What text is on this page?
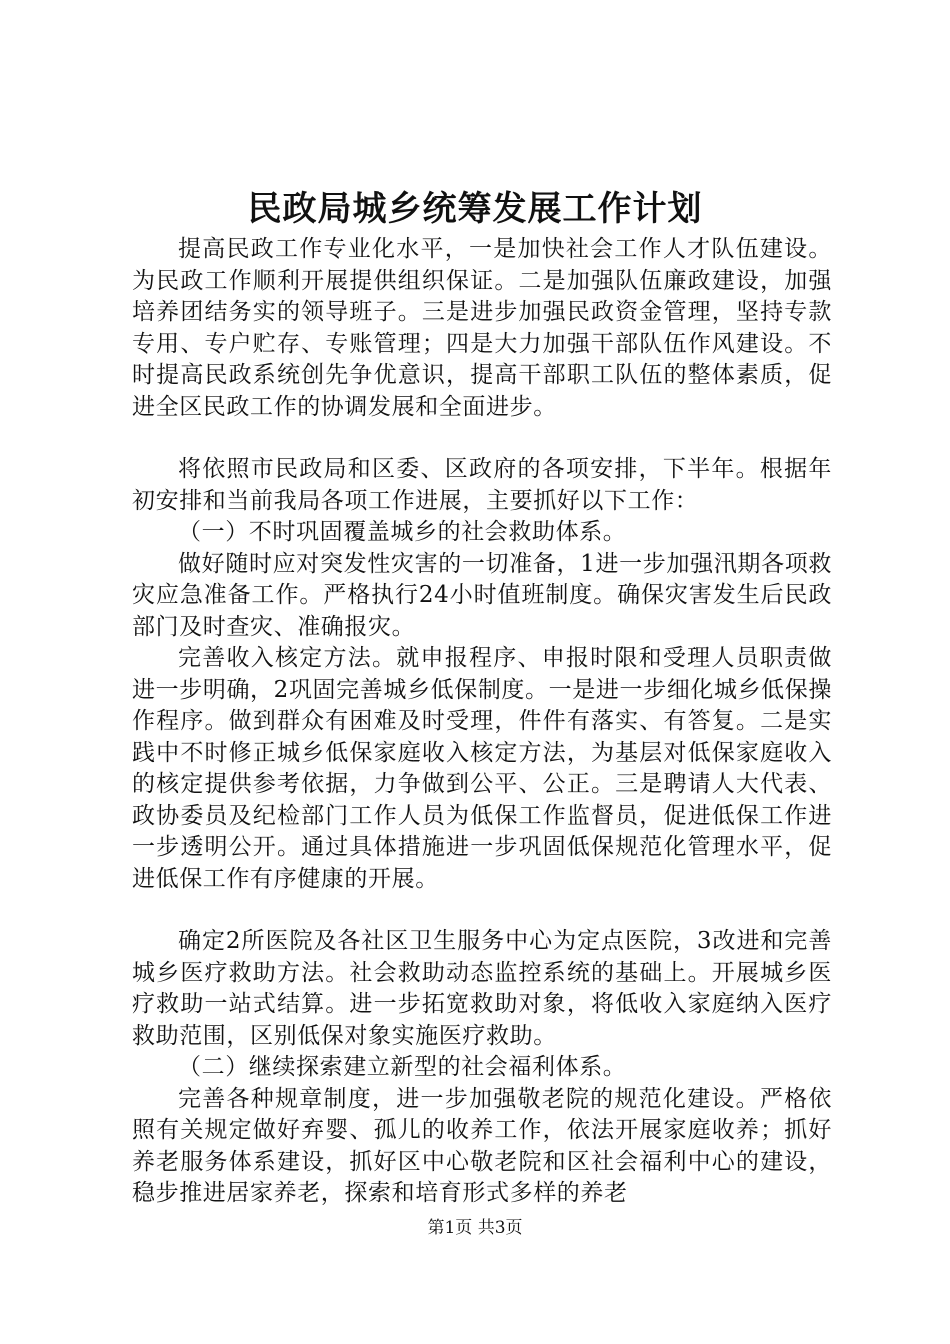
民政局城乡统筹发展工作计划

提高民政工作专业化水平，一是加快社会工作人才队伍建设。为民政工作顺利开展提供组织保证。二是加强队伍廉政建设，加强培养团结务实的领导班子。三是进步加强民政资金管理，坚持专款专用、专户贮存、专账管理；四是大力加强干部队伍作风建设。不时提高民政系统创先争优意识，提高干部职工队伍的整体素质，促进全区民政工作的协调发展和全面进步。

将依照市民政局和区委、区政府的各项安排，下半年。根据年初安排和当前我局各项工作进展，主要抓好以下工作：

（一）不时巩固覆盖城乡的社会救助体系。

做好随时应对突发性灾害的一切准备，1进一步加强汛期各项救灾应急准备工作。严格执行24小时值班制度。确保灾害发生后民政部门及时查灾、准确报灾。

完善收入核定方法。就申报程序、申报时限和受理人员职责做进一步明确，2巩固完善城乡低保制度。一是进一步细化城乡低保操作程序。做到群众有困难及时受理，件件有落实、有答复。二是实践中不时修正城乡低保家庭收入核定方法，为基层对低保家庭收入的核定提供参考依据，力争做到公平、公正。三是聘请人大代表、政协委员及纪检部门工作人员为低保工作监督员，促进低保工作进一步透明公开。通过具体措施进一步巩固低保规范化管理水平，促进低保工作有序健康的开展。

确定2所医院及各社区卫生服务中心为定点医院，3改进和完善城乡医疗救助方法。社会救助动态监控系统的基础上。开展城乡医疗救助一站式结算。进一步拓宽救助对象，将低收入家庭纳入医疗救助范围，区别低保对象实施医疗救助。

（二）继续探索建立新型的社会福利体系。

完善各种规章制度，进一步加强敬老院的规范化建设。严格依照有关规定做好弃婴、孤儿的收养工作，依法开展家庭收养；抓好养老服务体系建设，抓好区中心敬老院和区社会福利中心的建设，稳步推进居家养老，探索和培育形式多样的养老

第1页 共3页
